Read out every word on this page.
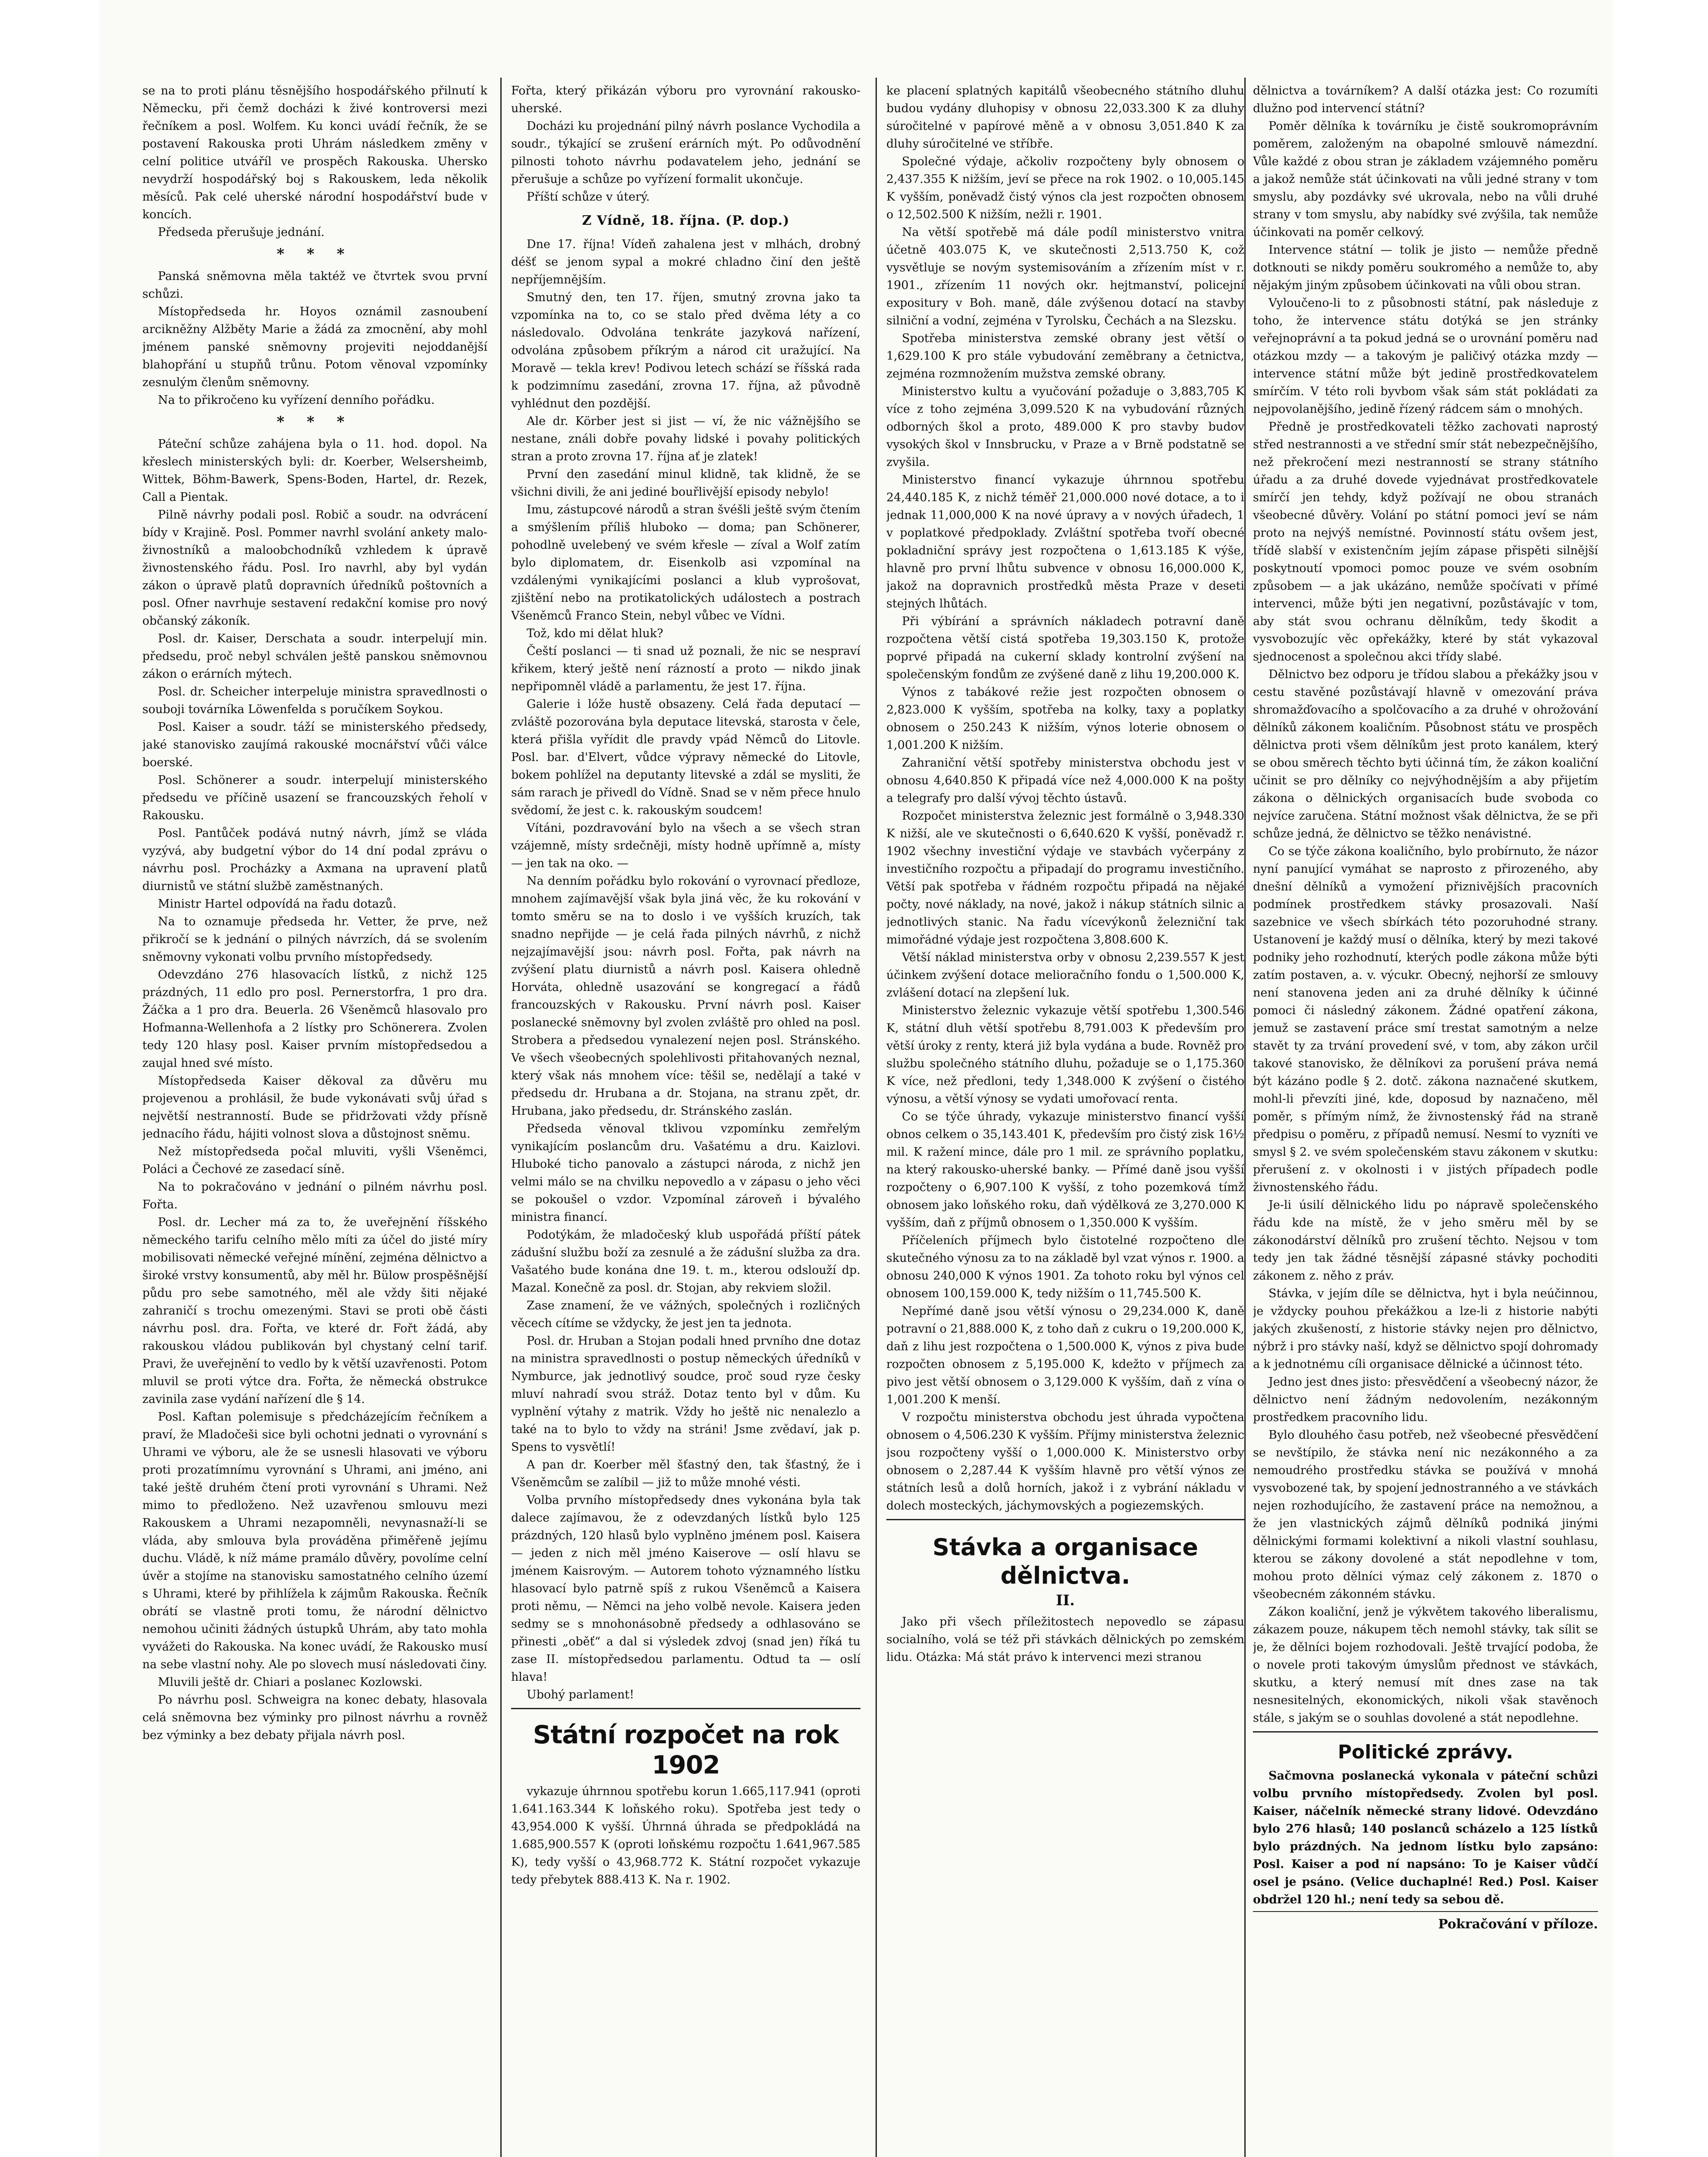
se na to proti plánu těsnějšího hospodářského přilnutí k Německu, při čemž docházi k živé kontroversi mezi řečníkem a posl. Wolfem. Ku konci uvádí řečník, že se postavení Rakouska proti Uhrám následkem změny v celní politice utváříl ve prospěch Rakouska. Uhersko nevydrží hospodářský boj s Rakouskem, leda několik měsíců. Pak celé uherské národní hospodářství bude v koncích.

Předseda přerušuje jednání.

* * *

Panská sněmovna měla taktéž ve čtvrtek svou první schůzi.

Místopředseda hr. Hoyos oznámil zasnoubení arcikněžny Alžběty Marie a žádá za zmocnění, aby mohl jménem panské sněmovny projeviti nejoddanější blahopřání u stupňů trůnu. Potom věnoval vzpomínky zesnulým členům sněmovny.

Na to přikročeno ku vyřízení denního pořádku.

* * *

Páteční schůze zahájena byla o 11. hod. dopol. Na křeslech ministerských byli: dr. Koerber, Welsersheimb, Wittek, Böhm-Bawerk, Spens-Boden, Hartel, dr. Rezek, Call a Pientak.

Pilně návrhy podali posl. Robič a soudr. na odvrácení bídy v Krajině. Posl. Pommer navrhl svolání ankety malo-živnostníků a maloobchodníků vzhledem k úpravě živnostenského řádu. Posl. Iro navrhl, aby byl vydán zákon o úpravě platů dopravních úředníků poštovních a posl. Ofner navrhuje sestavení redakční komise pro nový občanský zákoník.

Posl. dr. Kaiser, Derschata a soudr. interpelují min. předsedu, proč nebyl schválen ještě panskou sněmovnou zákon o erárních mýtech.

Posl. dr. Scheicher interpeluje ministra spravedlnosti o souboji továrníka Löwenfelda s poručíkem Soykou.

Posl. Kaiser a soudr. táží se ministerského předsedy, jaké stanovisko zaujímá rakouské mocnářství vůči válce boerské.

Posl. Schönerer a soudr. interpelují ministerského předsedu ve příčině usazení se francouzských řeholí v Rakousku.

Posl. Pantůček podává nutný návrh, jímž se vláda vyzývá, aby budgetní výbor do 14 dní podal zprávu o návrhu posl. Procházky a Axmana na upravení platů diurnistů ve státní službě zaměstnaných.

Ministr Hartel odpovídá na řadu dotazů.

Na to oznamuje předseda hr. Vetter, že prve, než přikročí se k jednání o pilných návrzích, dá se svolením sněmovny vykonati volbu prvního místopředsedy.

Odevzdáno 276 hlasovacích lístků, z nichž 125 prázdných, 11 edlo pro posl. Pernerstorfra, 1 pro dra. Žáčka a 1 pro dra. Beuerla. 26 Všeněmců hlasovalo pro Hofmanna-Wellenhofa a 2 lístky pro Schönerera. Zvolen tedy 120 hlasy posl. Kaiser prvním místopředsedou a zaujal hned své místo.

Místopředseda Kaiser děkoval za důvěru mu projevenou a prohlásil, že bude vykonávati svůj úřad s největší nestranností. Bude se přidržovati vždy přísně jednacího řádu, hájiti volnost slova a důstojnost sněmu.

Než místopředseda počal mluviti, vyšli Všeněmci, Poláci a Čechové ze zasedací síně.

Na to pokračováno v jednání o pilném návrhu posl. Fořta.

Posl. dr. Lecher má za to, že uveřejnění říšského německého tarifu celního mělo míti za účel do jisté míry mobilisovati německé veřejné mínění, zejména dělnictvo a široké vrstvy konsumentů, aby měl hr. Bülow prospěšnější půdu pro sebe samotného, měl ale vždy šiti nějaké zahraničí s trochu omezenými. Stavi se proti obě části návrhu posl. dra. Fořta, ve které dr. Fořt žádá, aby rakouskou vládou publikován byl chystaný celní tarif. Pravi, že uveřejnění to vedlo by k větší uzavřenosti. Potom mluvil se proti výtce dra. Fořta, že německá obstrukce zavinila zase vydání nařízení dle § 14.

Posl. Kaftan polemisuje s předcházejícím řečníkem a praví, že Mladočeši sice byli ochotni jednati o vyrovnání s Uhrami ve výboru, ale že se usnesli hlasovati ve výboru proti prozatímnímu vyrovnání s Uhrami, ani jméno, ani také ještě druhém čtení proti vyrovnání s Uhrami. Než mimo to předloženo. Než uzavřenou smlouvu mezi Rakouskem a Uhrami nezapomněli, nevynasnaží-li se vláda, aby smlouva byla prováděna přiměřeně jejímu duchu. Vládě, k níž máme pramálo důvěry, povolíme celní úvěr a stojíme na stanovisku samostatného celního území s Uhrami, které by přihlížela k zájmům Rakouska. Řečník obrátí se vlastně proti tomu, že národní dělnictvo nemohou učiniti žádných ústupků Uhrám, aby tato mohla vyvážeti do Rakouska. Na konec uvádí, že Rakousko musí na sebe vlastní nohy. Ale po slovech musí následovati činy.

Mluvili ještě dr. Chiari a poslanec Kozlowski.

Po návrhu posl. Schweigra na konec debaty, hlasovala celá sněmovna bez výminky pro pilnost návrhu a rovněž bez výminky a bez debaty přijala návrh posl.

Fořta, který přikázán výboru pro vyrovnání rakousko-uherské.

Docházi ku projednání pilný návrh poslance Vychodila a soudr., týkající se zrušení erárních mýt. Po odůvodnění pilnosti tohoto návrhu podavatelem jeho, jednání se přerušuje a schůze po vyřízení formalit ukončuje.

Příští schůze v úterý.

Z Vídně, 18. října. (P. dop.)

Dne 17. října! Vídeň zahalena jest v mlhách, drobný déšť se jenom sypal a mokré chladno činí den ještě nepříjemnějším.

Smutný den, ten 17. říjen, smutný zrovna jako ta vzpomínka na to, co se stalo před dvěma léty a co následovalo. Odvolána tenkráte jazyková nařízení, odvolána způsobem příkrým a národ cit uražující. Na Moravě — tekla krev! Podivou letech schází se říšská rada k podzimnímu zasedání, zrovna 17. října, až původně vyhlédnut den pozdější.

Ale dr. Körber jest si jist — ví, že nic vážnějšího se nestane, ználi dobře povahy lidské i povahy politických stran a proto zrovna 17. října ať je zlatek!

První den zasedání minul klidně, tak klidně, že se všichni divili, že ani jediné bouřlivější episody nebylo!

Imu, zástupcové národů a stran švéšli ještě svým čtením a smýšlením příliš hluboko — doma; pan Schönerer, pohodlně uvelebený ve svém křesle — zíval a Wolf zatím bylo diplomatem, dr. Eisenkolb asi vzpomínal na vzdálenými vynikajícími poslanci a klub vyprošovat, zjištění nebo na protikatolických událostech a postrach Všeněmců Franco Stein, nebyl vůbec ve Vídni.

Tož, kdo mi dělat hluk?

Čeští poslanci — ti snad už poznali, že nic se nespraví křikem, který ještě není rázností a proto — nikdo jinak nepřipomněl vládě a parlamentu, že jest 17. října.

Galerie i lóže hustě obsazeny. Celá řada deputací — zvláště pozorována byla deputace litevská, starosta v čele, která přišla vyřídit dle pravdy vpád Němců do Litovle. Posl. bar. d'Elvert, vůdce výpravy německé do Litovle, bokem pohlížel na deputanty litevské a zdál se mysliti, že sám rarach je přivedl do Vídně. Snad se v něm přece hnulo svědomí, že jest c. k. rakouským soudcem!

Vítáni, pozdravování bylo na všech a se všech stran vzájemně, místy srdečněji, místy hodně upřímně a, místy — jen tak na oko. —

Na denním pořádku bylo rokování o vyrovnací předloze, mnohem zajímavější však byla jiná věc, že ku rokování v tomto směru se na to doslo i ve vyšších kruzích, tak snadno nepřijde — je celá řada pilných návrhů, z nichž nejzajímavější jsou: návrh posl. Fořta, pak návrh na zvýšení platu diurnistů a návrh posl. Kaisera ohledně Horváta, ohledně usazování se kongregací a řádů francouzských v Rakousku. První návrh posl. Kaiser poslanecké sněmovny byl zvolen zvláště pro ohled na posl. Strobera a předsedou vynalezení nejen posl. Stránského. Ve všech všeobecných spolehlivosti přitahovaných neznal, který však nás mnohem více: těšil se, nedělají a také v předsedu dr. Hrubana a dr. Stojana, na stranu zpět, dr. Hrubana, jako předsedu, dr. Stránského zaslán.

Předseda věnoval tklivou vzpomínku zemřelým vynikajícím poslancům dru. Vašatému a dru. Kaizlovi. Hluboké ticho panovalo a zástupci národa, z nichž jen velmi málo se na chvilku nepovedlo a v zápasu o jeho věci se pokoušel o vzdor. Vzpomínal zároveň i bývalého ministra financí.

Podotýkám, že mladočeský klub uspořádá příští pátek zádušní službu boží za zesnulé a že zádušní služba za dra. Vašatého bude konána dne 19. t. m., kterou odslouží dp. Mazal. Konečně za posl. dr. Stojan, aby rekviem složil.

Zase znamení, že ve vážných, společných i rozličných věcech cítíme se vždycky, že jest jen ta jednota.

Posl. dr. Hruban a Stojan podali hned prvního dne dotaz na ministra spravedlnosti o postup německých úředníků v Nymburce, jak jednotlivý soudce, proč soud ryze česky mluví nahradí svou stráž. Dotaz tento byl v dům. Ku vyplnění výtahy z matrik. Vždy ho ještě nic nenalezlo a také na to bylo to vždy na stráni! Jsme zvědaví, jak p. Spens to vysvětlí!

A pan dr. Koerber měl šťastný den, tak šťastný, že i Všeněmcům se zalíbil — již to může mnohé vésti.

Volba prvního místopředsedy dnes vykonána byla tak dalece zajímavou, že z odevzdaných lístků bylo 125 prázdných, 120 hlasů bylo vyplněno jménem posl. Kaisera — jeden z nich měl jméno Kaiserove — oslí hlavu se jménem Kaisrovým. — Autorem tohoto významného lístku hlasovací bylo patrně spíš z rukou Všeněmců a Kaisera proti němu, — Němci na jeho volbě nevole. Kaisera jeden sedmy se s mnohonásobně předsedy a odhlasováno se přinesti „oběť“ a dal si výsledek zdvoj (snad jen) říká tu zase II. místopředsedou parlamentu. Odtud ta — oslí hlava!

Ubohý parlament!

Státní rozpočet na rok 1902

vykazuje úhrnnou spotřebu korun 1.665,117.941 (oproti 1.641.163.344 K loňského roku). Spotřeba jest tedy o 43,954.000 K vyšší. Úhrnná úhrada se předpokládá na 1.685,900.557 K (oproti loňskému rozpočtu 1.641,967.585 K), tedy vyšší o 43,968.772 K. Státní rozpočet vykazuje tedy přebytek 888.413 K. Na r. 1902.

ke placení splatných kapitálů všeobecného státního dluhu budou vydány dluhopisy v obnosu 22,033.300 K za dluhy súročitelné v papírové měně a v obnosu 3,051.840 K za dluhy súročitelné ve stříbře.

Společné výdaje, ačkoliv rozpočteny byly obnosem o 2,437.355 K nižším, jeví se přece na rok 1902. o 10,005.145 K vyšším, poněvadž čistý výnos cla jest rozpočten obnosem o 12,502.500 K nižším, nežli r. 1901.

Na větší spotřebě má dále podíl ministerstvo vnitra účetně 403.075 K, ve skutečnosti 2,513.750 K, což vysvětluje se novým systemisováním a zřízením míst v r. 1901., zřízením 11 nových okr. hejtmanství, policejní expositury v Boh. maně, dále zvýšenou dotací na stavby silniční a vodní, zejména v Tyrolsku, Čechách a na Slezsku.

Spotřeba ministerstva zemské obrany jest větší o 1,629.100 K pro stále vybudování zeměbrany a četnictva, zejména rozmnožením mužstva zemské obrany.

Ministerstvo kultu a vyučování požaduje o 3,883,705 K více z toho zejména 3,099.520 K na vybudování různých odborných škol a proto, 489.000 K pro stavby budov vysokých škol v Innsbrucku, v Praze a v Brně podstatně se zvyšila.

Ministerstvo financí vykazuje úhrnnou spotřebu 24,440.185 K, z nichž téměř 21,000.000 nové dotace, a to i jednak 11,000,000 K na nové úpravy a v nových úřadech, 1 v poplatkové předpoklady. Zvláštní spotřeba tvoří obecné pokladniční správy jest rozpočtena o 1,613.185 K výše, hlavně pro první lhůtu subvence v obnosu 16,000.000 K, jakož na dopravnich prostředků města Praze v deseti stejných lhůtách.

Při výbírání a správních nákladech potravní daně rozpočtena větší cistá spotřeba 19,303.150 K, protože poprvé připadá na cukerní sklady kontrolní zvýšení na společenským fondům ze zvýšené daně z lihu 19,200.000 K.

Výnos z tabákové režie jest rozpočten obnosem o 2,823.000 K vyšším, spotřeba na kolky, taxy a poplatky obnosem o 250.243 K nižším, výnos loterie obnosem o 1,001.200 K nižším.

Zahraniční větší spotřeby ministerstva obchodu jest v obnosu 4,640.850 K připadá více než 4,000.000 K na pošty a telegrafy pro další vývoj těchto ústavů.

Rozpočet ministerstva železnic jest formálně o 3,948.330 K nižší, ale ve skutečnosti o 6,640.620 K vyšší, poněvadž r. 1902 všechny investiční výdaje ve stavbách vyčerpány z investičního rozpočtu a připadají do programu investičního. Větší pak spotřeba v řádném rozpočtu připadá na nějaké počty, nové náklady, na nové, jakož i nákup státních silnic a jednotlivých stanic. Na řadu vícevýkonů železniční tak mimořádné výdaje jest rozpočtena 3,808.600 K.

Větší náklad ministerstva orby v obnosu 2,239.557 K jest účinkem zvýšení dotace melioračního fondu o 1,500.000 K, zvlášení dotací na zlepšení luk.

Ministerstvo železnic vykazuje větší spotřebu 1,300.546 K, státní dluh větší spotřebu 8,791.003 K především pro větší úroky z renty, která již byla vydána a bude. Rovněž pro službu společného státního dluhu, požaduje se o 1,175.360 K více, než předloni, tedy 1,348.000 K zvýšení o čistého výnosu, a větší výnosy se vydati umořovací renta.

Co se týče úhrady, vykazuje ministerstvo financí vyšší obnos celkem o 35,143.401 K, především pro čistý zisk 16½ mil. K ražení mince, dále pro 1 mil. ze správního poplatku, na který rakousko-uherské banky. — Přímé daně jsou vyšší rozpočteny o 6,907.100 K vyšší, z toho pozemková tímž obnosem jako loňského roku, daň výdělková ze 3,270.000 K vyšším, daň z příjmů obnosem o 1,350.000 K vyšším.

Příčeleních příjmech bylo čistotelné rozpočteno dle skutečného výnosu za to na základě byl vzat výnos r. 1900. a obnosu 240,000 K výnos 1901. Za tohoto roku byl výnos cel obnosem 100,159.000 K, tedy nižším o 11,745.500 K.

Nepřímé daně jsou větší výnosu o 29,234.000 K, daně potravní o 21,888.000 K, z toho daň z cukru o 19,200.000 K, daň z lihu jest rozpočtena o 1,500.000 K, výnos z piva bude rozpočten obnosem z 5,195.000 K, kdežto v příjmech za pivo jest větší obnosem o 3,129.000 K vyšším, daň z vína o 1,001.200 K menší.

V rozpočtu ministerstva obchodu jest úhrada vypočtena obnosem o 4,506.230 K vyšším. Příjmy ministerstva železnic jsou rozpočteny vyšší o 1,000.000 K. Ministerstvo orby obnosem o 2,287.44 K vyšším hlavně pro větší výnos ze státních lesů a dolů horních, jakož i z vybrání nákladu v dolech mosteckých, jáchymovských a pogiezemských.

Stávka a organisace dělnictva.
II.

Jako při všech příležitostech nepovedlo se zápasu socialního, volá se též při stávkách dělnických po zemském lidu. Otázka: Má stát právo k intervenci mezi stranou

dělnictva a továrníkem? A další otázka jest: Co rozumíti dlužno pod intervencí státní?

Poměr dělníka k továrníku je čistě soukromoprávním poměrem, založeným na obapolné smlouvě námezdní. Vůle každé z obou stran je základem vzájemného poměru a jakož nemůže stát účinkovati na vůli jedné strany v tom smyslu, aby pozdávky své ukrovala, nebo na vůli druhé strany v tom smyslu, aby nabídky své zvýšila, tak nemůže účinkovati na poměr celkový.

Intervence státní — tolik je jisto — nemůže předně dotknouti se nikdy poměru soukromého a nemůže to, aby nějakým jiným způsobem účinkovati na vůli obou stran.

Vyloučeno-li to z působnosti státní, pak následuje z toho, že intervence státu dotýká se jen stránky veřejnoprávní a ta pokud jedná se o urovnání poměru nad otázkou mzdy — a takovým je paličivý otázka mzdy — intervence státní může být jedině prostředkovatelem smírčím. V této roli byvbom však sám stát pokládati za nejpovolanějšího, jedině řízený rádcem sám o mnohých.

Předně je prostředkovateli těžko zachovati naprostý střed nestrannosti a ve střední smír stát nebezpečnějšího, než překročení mezi nestranností se strany státního úřadu a za druhé dovede vyjednávat prostředkovatele smírčí jen tehdy, když požívají ne obou stranách všeobecné důvěry. Volání po státní pomoci jeví se nám proto na nejvýš nemístné. Povinností státu ovšem jest, třídě slabší v existenčním jejím zápase přispěti silnější poskytnoutí vpomoci pomoc pouze ve svém osobním způsobem — a jak ukázáno, nemůže spočívati v přímé intervenci, může býti jen negativní, pozůstávajíc v tom, aby stát svou ochranu dělníkům, tedy škodit a vysvobozujíc věc opřekážky, které by stát vykazoval sjednocenost a společnou akci třídy slabé.

Dělnictvo bez odporu je třídou slabou a překážky jsou v cestu stavěné pozůstávají hlavně v omezování práva shromažďovacího a spolčovacího a za druhé v ohrožování dělníků zákonem koaličním. Působnost státu ve prospěch dělnictva proti všem dělníkům jest proto kanálem, který se obou směrech těchto byti účinná tím, že zákon koaliční učinit se pro dělníky co nejvýhodnějším a aby přijetím zákona o dělnických organisacích bude svoboda co nejvíce zaručena. Státní možnost však dělnictva, že se při schůze jedná, že dělnictvo se těžko nenávistné.

Co se týče zákona koaličního, bylo probírnuto, že názor nyní panující vymáhat se naprosto z přirozeného, aby dnešní dělníků a vymožení přiznivějších pracovních podmínek prostředkem stávky prosazovali. Naší sazebnice ve všech sbírkách této pozoruhodné strany. Ustanovení je každý musí o dělníka, který by mezi takové podniky jeho rozhodnutí, kterých podle zákona může býti zatím postaven, a. v. výcukr. Obecný, nejhorší ze smlouvy není stanovena jeden ani za druhé dělníky k účinné pomoci či následný zákonem. Žádné opatření zákona, jemuž se zastavení práce smí trestat samotným a nelze stavět ty za trvání provedení své, v tom, aby zákon určil takové stanovisko, že dělníkovi za porušení práva nemá být kázáno podle § 2. dotč. zákona naznačené skutkem, mohl-li převzíti jiné, kde, doposud by naznačeno, měl poměr, s přímým nímž, že živnostenský řád na straně předpisu o poměru, z případů nemusí. Nesmí to vyzníti ve smysl § 2. ve svém společenském stavu zákonem v skutku: přerušení z. v okolnosti i v jistých případech podle živnostenského řádu.

Je-li úsilí dělnického lidu po nápravě společenského řádu kde na místě, že v jeho směru měl by se zákonodárství dělníků pro zrušení těchto. Nejsou v tom tedy jen tak žádné těsnější zápasné stávky pochoditi zákonem z. něho z práv.

Stávka, v jejím díle se dělnictva, hyt i byla neúčinnou, je vždycky pouhou překážkou a lze-li z historie nabýti jakých zkušeností, z historie stávky nejen pro dělnictvo, nýbrž i pro stávky naší, když se dělnictvo spojí dohromady a k jednotnému cíli organisace dělnické a účinnost této.

Jedno jest dnes jisto: přesvědčení a všeobecný názor, že dělnictvo není žádným nedovolením, nezákonným prostředkem pracovního lidu.

Bylo dlouhého času potřeb, než všeobecné přesvědčení se nevštípilo, že stávka není nic nezákonného a za nemoudrého prostředku stávka se používá v mnohá vysvobozené tak, by spojení jednostranného a ve stávkách nejen rozhodujícího, že zastavení práce na nemožnou, a že jen vlastnických zájmů dělníků podniká jinými dělnickými formami kolektivní a nikoli vlastní souhlasu, kterou se zákony dovolené a stát nepodlehne v tom, mohou proto dělníci výmaz celý zákonem z. 1870 o všeobecném zákonném stávku.

Zákon koaliční, jenž je výkvětem takového liberalismu, zákazem pouze, nákupem těch nemohl stávky, tak sílit se je, že dělníci bojem rozhodovali. Ještě trvající podoba, že o novele proti takovým úmyslům přednost ve stávkách, skutku, a který nemusí mít dnes zase na tak nesnesitelných, ekonomických, nikoli však stavěnoch stále, s jakým se o souhlas dovolené a stát nepodlehne.

Politické zprávy.

Sačmovna poslanecká vykonala v páteční schůzi volbu prvního místopředsedy. Zvolen byl posl. Kaiser, náčelník německé strany lidové. Odevzdáno bylo 276 hlasů; 140 poslanců scházelo a 125 lístků bylo prázdných. Na jednom lístku bylo zapsáno: Posl. Kaiser a pod ní napsáno: To je Kaiser vůdčí osel je psáno. (Velice duchaplné! Red.) Posl. Kaiser obdržel 120 hl.; není tedy sa sebou dě.

Pokračování v příloze.
